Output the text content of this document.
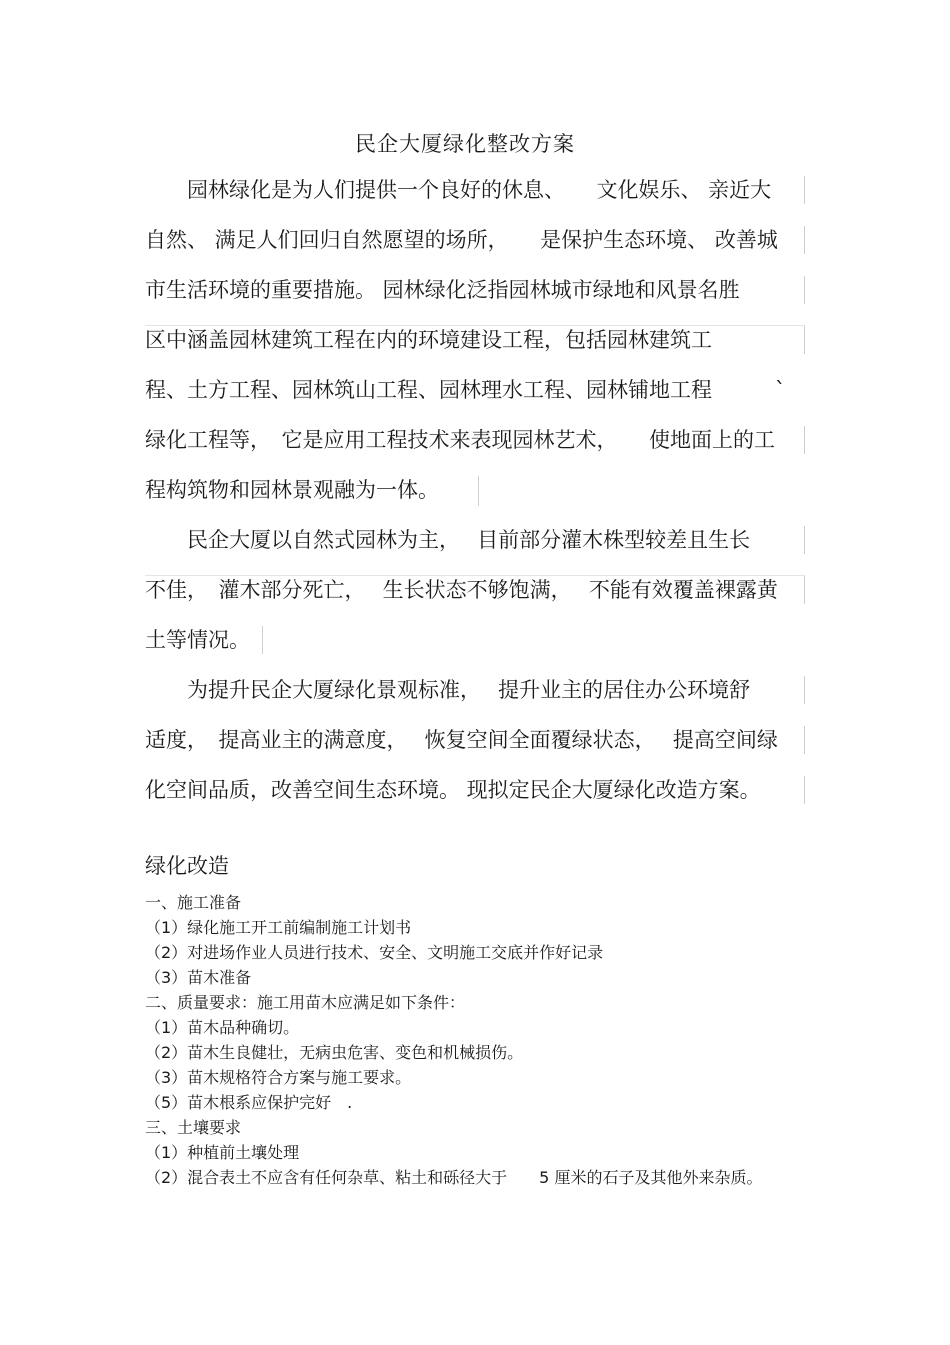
民企大厦绿化整改方案
　　园林绿化是为人们提供一个良好的休息、　　文化娱乐、 亲近大
自然、 满足人们回归自然愿望的场所，　　是保护生态环境、 改善城
市生活环境的重要措施。 园林绿化泛指园林城市绿地和风景名胜
区中涵盖园林建筑工程在内的环境建设工程，包括园林建筑工
程、土方工程、园林筑山工程、园林理水工程、园林铺地工程　　　`
绿化工程等，　它是应用工程技术来表现园林艺术，　　使地面上的工
程构筑物和园林景观融为一体。
　　民企大厦以自然式园林为主，　 目前部分灌木株型较差且生长
不佳，　灌木部分死亡，　 生长状态不够饱满，　 不能有效覆盖裸露黄
土等情况。
　　为提升民企大厦绿化景观标准，　 提升业主的居住办公环境舒
适度，　提高业主的满意度，　 恢复空间全面覆绿状态，　 提高空间绿
化空间品质，改善空间生态环境。 现拟定民企大厦绿化改造方案。
绿化改造
一、施工准备
（1）绿化施工开工前编制施工计划书
（2）对进场作业人员进行技术、安全、文明施工交底并作好记录
（3）苗木准备
二、质量要求：施工用苗木应满足如下条件：
（1）苗木品种确切。
（2）苗木生良健壮，无病虫危害、变色和机械损伤。
（3）苗木规格符合方案与施工要求。
（5）苗木根系应保护完好　.
三、土壤要求
（1）种植前土壤处理
（2）混合表土不应含有任何杂草、粘土和砾径大于　　5 厘米的石子及其他外来杂质。
